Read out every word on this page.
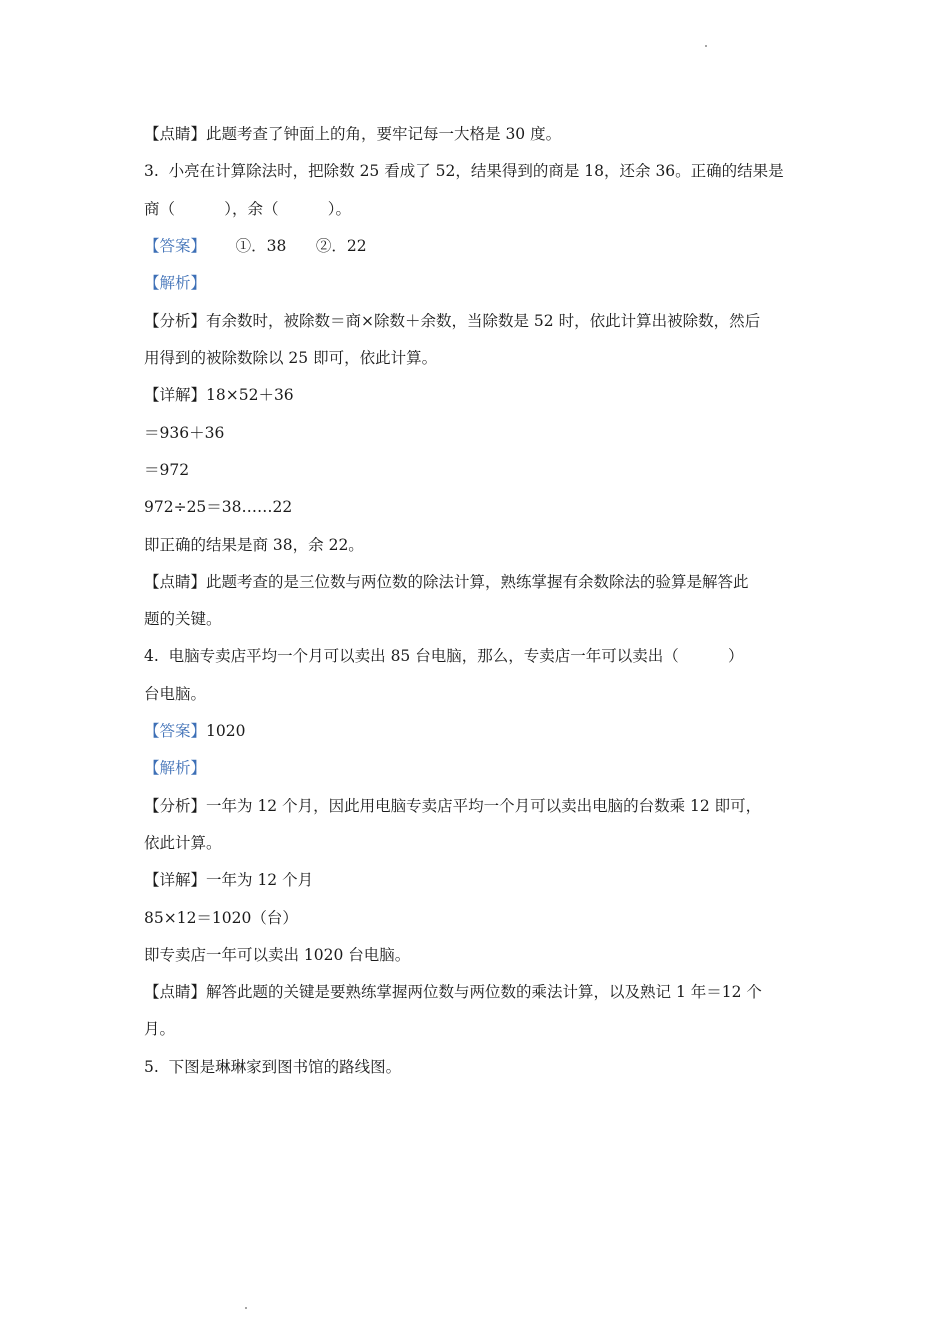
【点睛】此题考查了钟面上的角，要牢记每一大格是 30 度。
3.  小亮在计算除法时，把除数 25 看成了 52，结果得到的商是 18，还余 36。正确的结果是
商（          ），余（          ）。
【答案】      ①．38      ②．22
【解析】
【分析】有余数时，被除数＝商×除数＋余数，当除数是 52 时，依此计算出被除数，然后
用得到的被除数除以 25 即可，依此计算。
【详解】18×52＋36
＝936＋36
＝972
972÷25＝38……22
即正确的结果是商 38，余 22。
【点睛】此题考查的是三位数与两位数的除法计算，熟练掌握有余数除法的验算是解答此
题的关键。
4.  电脑专卖店平均一个月可以卖出 85 台电脑，那么，专卖店一年可以卖出（          ）
台电脑。
【答案】1020
【解析】
【分析】一年为 12 个月，因此用电脑专卖店平均一个月可以卖出电脑的台数乘 12 即可，
依此计算。
【详解】一年为 12 个月
85×12＝1020（台）
即专卖店一年可以卖出 1020 台电脑。
【点睛】解答此题的关键是要熟练掌握两位数与两位数的乘法计算，以及熟记 1 年＝12 个
月。
5.  下图是琳琳家到图书馆的路线图。
